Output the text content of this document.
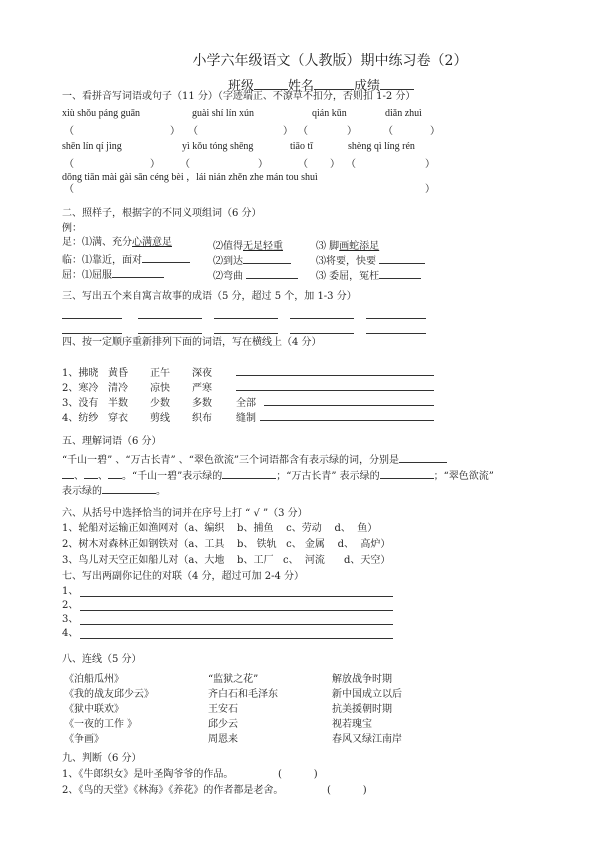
小学六年级语文（人教版）期中练习卷（2）
班级	姓名	成绩
一、看拼音写词语或句子（11 分）（字迹端正、不潦草不扣分，否则扣 1-2 分）
xiù shǒu páng guān	guài shí lín xún	qián kūn	diǎn zhuì
（	） （	） （	）	（	）
shēn lín qí jìng	yì kǒu tóng shēng	tiāo tī	shèng qì líng rén
（	） （	）	（ ） （	）
dōng tiān mài gài sān céng bèi ，lái nián zhěn zhe mán tou shuì
（	）
二、照样子，根据字的不同义项组词（6 分）
例：
足：⑴满、充分心满意足	⑵值得无足轻重	⑶ 脚画蛇添足
临：⑴靠近，面对	⑵到达	⑶将要，快要
屈：⑴屈服	⑵弯曲	⑶ 委屈，冤枉
三、写出五个来自寓言故事的成语（5 分，超过 5 个，加 1-3 分）
四、按一定顺序重新排列下面的词语，写在横线上（4 分）
1、拂晓 黄昏 正午 深夜
2、寒冷 清冷 凉快 严寒
3、没有 半数 少数 多数 全部
4、纺纱 穿衣 剪线 织布 缝制
五、理解词语（6 分）
“千山一碧” 、“万古长青” 、“翠色欲流”三个词语都含有表示绿的词，分别是
、 、 。“千山一碧”表示绿的	；“万古长青” 表示绿的	；“翠色欲流”
表示绿的	。
六、从括号中选择恰当的词并在序号上打 “ √ ”（3 分）
1、轮船对运输正如渔网对（a、编织    b、捕鱼    c、劳动    d、  鱼）
2、树木对森林正如钢铁对（a、工具    b、 铁轨   c、 金属    d、  高炉）
3、鸟儿对天空正如船儿对（a、大地    b、工厂   c、  河流      d、天空）
七、写出两副你记住的对联（4 分，超过可加 2-4 分）
1、
2、
3、
4、
八、连线（5 分）
《泊船瓜州》	“监狱之花”	解放战争时期
《我的战友邱少云》	齐白石和毛泽东	新中国成立以后
《狱中联欢》	王安石	抗美援朝时期
《一夜的工作 》	邱少云	视若瑰宝
《争画》	周恩来	春风又绿江南岸
九、判断（6 分）
1、《牛郎织女》是叶圣陶爷爷的作品。	(          )
2、《鸟的天堂》《林海》《养花》的作者都是老舍。	(          )
